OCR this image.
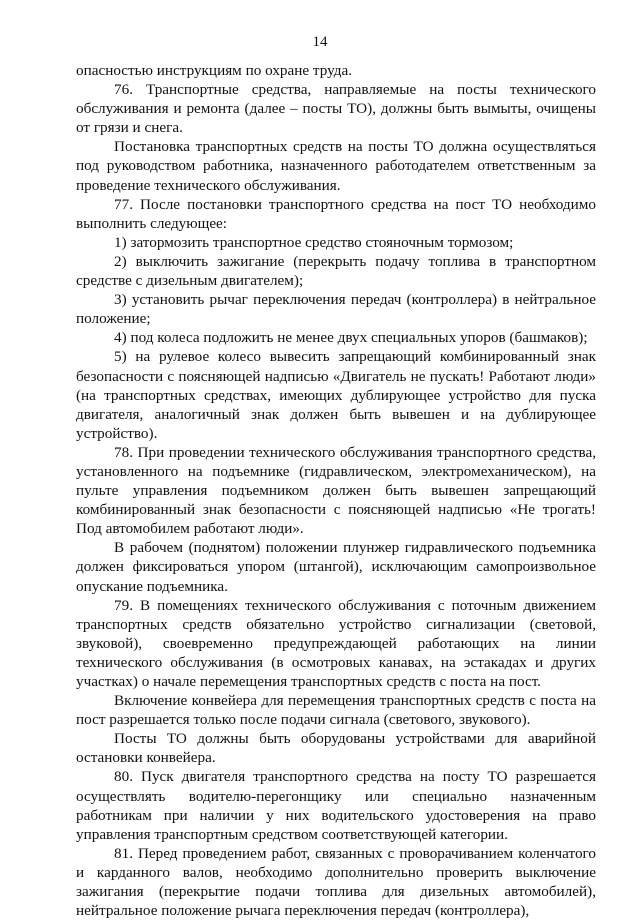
14

опасностью инструкциям по охране труда.

76. Транспортные средства, направляемые на посты технического обслуживания и ремонта (далее – посты ТО), должны быть вымыты, очищены от грязи и снега.

Постановка транспортных средств на посты ТО должна осуществляться под руководством работника, назначенного работодателем ответственным за проведение технического обслуживания.

77. После постановки транспортного средства на пост ТО необходимо выполнить следующее:

1) затормозить транспортное средство стояночным тормозом;

2) выключить зажигание (перекрыть подачу топлива в транспортном средстве с дизельным двигателем);

3) установить рычаг переключения передач (контроллера) в нейтральное положение;

4) под колеса подложить не менее двух специальных упоров (башмаков);

5) на рулевое колесо вывесить запрещающий комбинированный знак безопасности с поясняющей надписью «Двигатель не пускать! Работают люди» (на транспортных средствах, имеющих дублирующее устройство для пуска двигателя, аналогичный знак должен быть вывешен и на дублирующее устройство).

78. При проведении технического обслуживания транспортного средства, установленного на подъемнике (гидравлическом, электромеханическом), на пульте управления подъемником должен быть вывешен запрещающий комбинированный знак безопасности с поясняющей надписью «Не трогать! Под автомобилем работают люди».

В рабочем (поднятом) положении плунжер гидравлического подъемника должен фиксироваться упором (штангой), исключающим самопроизвольное опускание подъемника.

79. В помещениях технического обслуживания с поточным движением транспортных средств обязательно устройство сигнализации (световой, звуковой), своевременно предупреждающей работающих на линии технического обслуживания (в осмотровых канавах, на эстакадах и других участках) о начале перемещения транспортных средств с поста на пост.

Включение конвейера для перемещения транспортных средств с поста на пост разрешается только после подачи сигнала (светового, звукового).

Посты ТО должны быть оборудованы устройствами для аварийной остановки конвейера.

80. Пуск двигателя транспортного средства на посту ТО разрешается осуществлять водителю-перегонщику или специально назначенным работникам при наличии у них водительского удостоверения на право управления транспортным средством соответствующей категории.

81. Перед проведением работ, связанных с проворачиванием коленчатого и карданного валов, необходимо дополнительно проверить выключение зажигания (перекрытие подачи топлива для дизельных автомобилей), нейтральное положение рычага переключения передач (контроллера),
